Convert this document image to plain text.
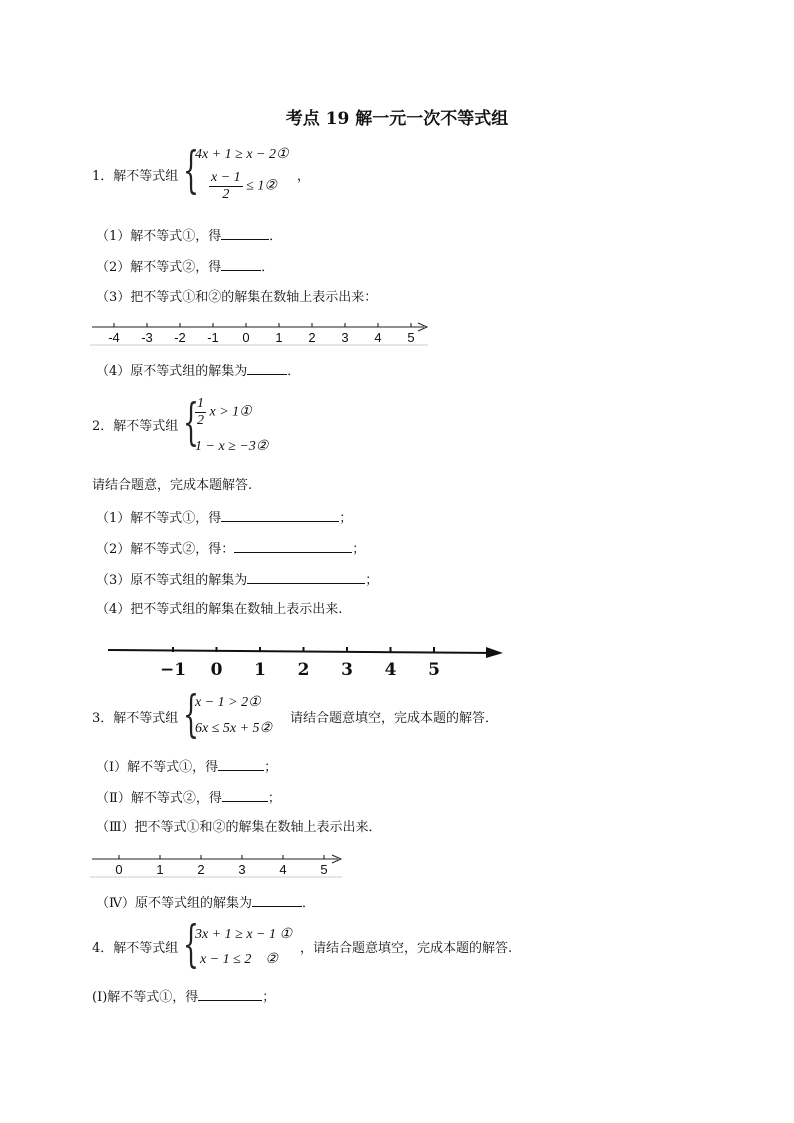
考点 19 解一元一次不等式组
1．解不等式组 {
4x + 1 ≥ x − 2①
$\frac{x - 1}{2}$ ≤ 1②
，
（1）解不等式①，得	．
（2）解不等式②，得	．
（3）把不等式①和②的解集在数轴上表示出来：
-4 -3 -2 -1 0 1 2 3 4 5
（4）原不等式组的解集为	．
2．解不等式组 {
$\frac{1}{2}$ x > 1①
1 − x ≥ −3②
请结合题意，完成本题解答.
（1）解不等式①，得	；
（2）解不等式②，得：	；
（3）原不等式组的解集为	；
（4）把不等式组的解集在数轴上表示出来.
−1 0 1 2 3 4 5
3．解不等式组 {
x − 1 > 2①
6x ≤ 5x + 5②
请结合题意填空，完成本题的解答．
（Ⅰ）解不等式①，得	；
（Ⅱ）解不等式②，得	；
（Ⅲ）把不等式①和②的解集在数轴上表示出来．
0	1	2	3	4	5
（Ⅳ）原不等式组的解集为	．
4．解不等式组 {
3x + 1 ≥ x − 1 ①
x − 1 ≤ 2    ②
，请结合题意填空，完成本题的解答.
(Ⅰ)解不等式①，得	；
